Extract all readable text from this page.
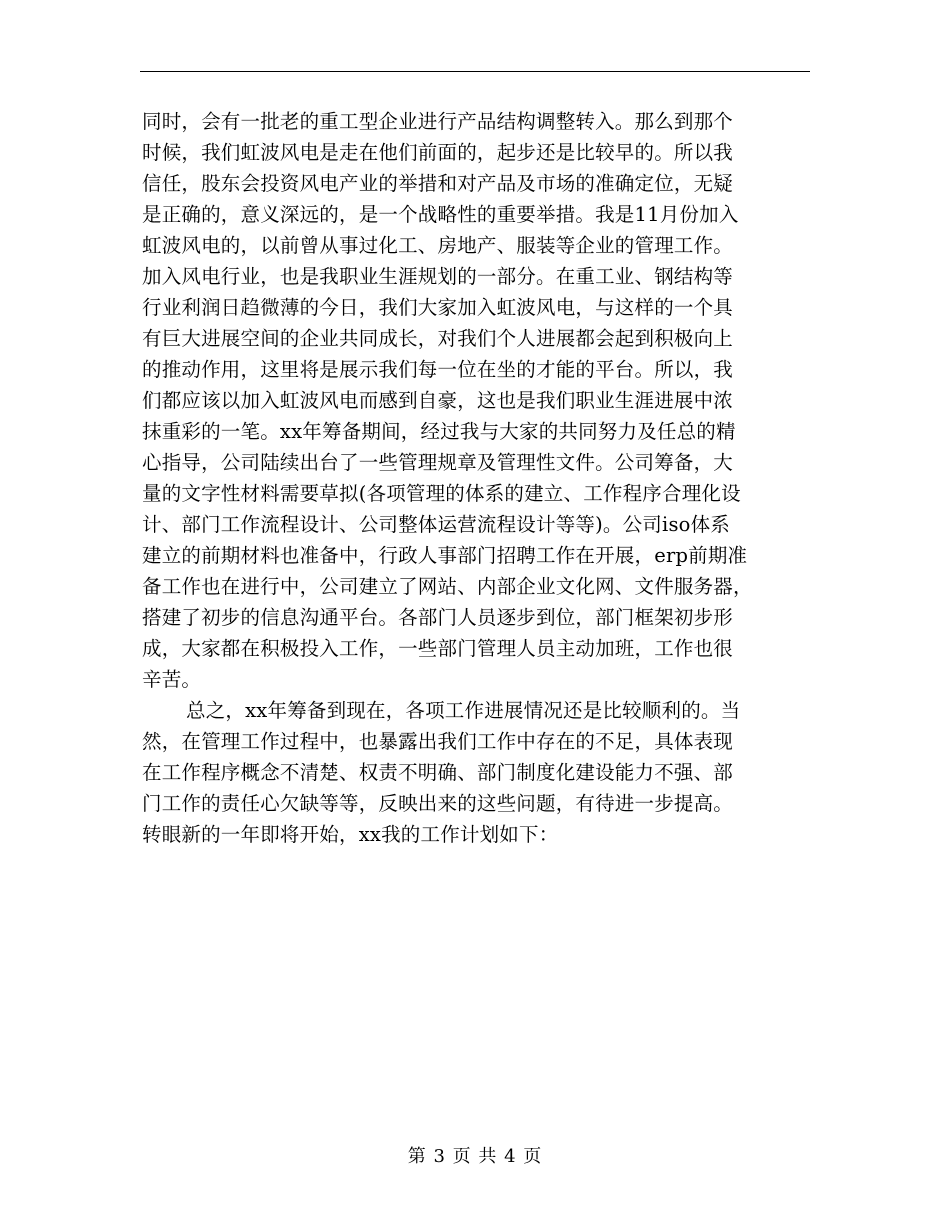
同时，会有一批老的重工型企业进行产品结构调整转入。那么到那个
时候，我们虹波风电是走在他们前面的，起步还是比较早的。所以我
信任，股东会投资风电产业的举措和对产品及市场的准确定位，无疑
是正确的，意义深远的，是一个战略性的重要举措。我是11月份加入
虹波风电的，以前曾从事过化工、房地产、服装等企业的管理工作。
加入风电行业，也是我职业生涯规划的一部分。在重工业、钢结构等
行业利润日趋微薄的今日，我们大家加入虹波风电，与这样的一个具
有巨大进展空间的企业共同成长，对我们个人进展都会起到积极向上
的推动作用，这里将是展示我们每一位在坐的才能的平台。所以，我
们都应该以加入虹波风电而感到自豪，这也是我们职业生涯进展中浓
抹重彩的一笔。xx年筹备期间，经过我与大家的共同努力及任总的精
心指导，公司陆续出台了一些管理规章及管理性文件。公司筹备，大
量的文字性材料需要草拟(各项管理的体系的建立、工作程序合理化设
计、部门工作流程设计、公司整体运营流程设计等等)。公司iso体系
建立的前期材料也准备中，行政人事部门招聘工作在开展，erp前期准
备工作也在进行中，公司建立了网站、内部企业文化网、文件服务器，
搭建了初步的信息沟通平台。各部门人员逐步到位，部门框架初步形
成，大家都在积极投入工作，一些部门管理人员主动加班，工作也很
辛苦。
总之，xx年筹备到现在，各项工作进展情况还是比较顺利的。当
然，在管理工作过程中，也暴露出我们工作中存在的不足，具体表现
在工作程序概念不清楚、权责不明确、部门制度化建设能力不强、部
门工作的责任心欠缺等等，反映出来的这些问题，有待进一步提高。
转眼新的一年即将开始，xx我的工作计划如下：
第 3 页 共 4 页
